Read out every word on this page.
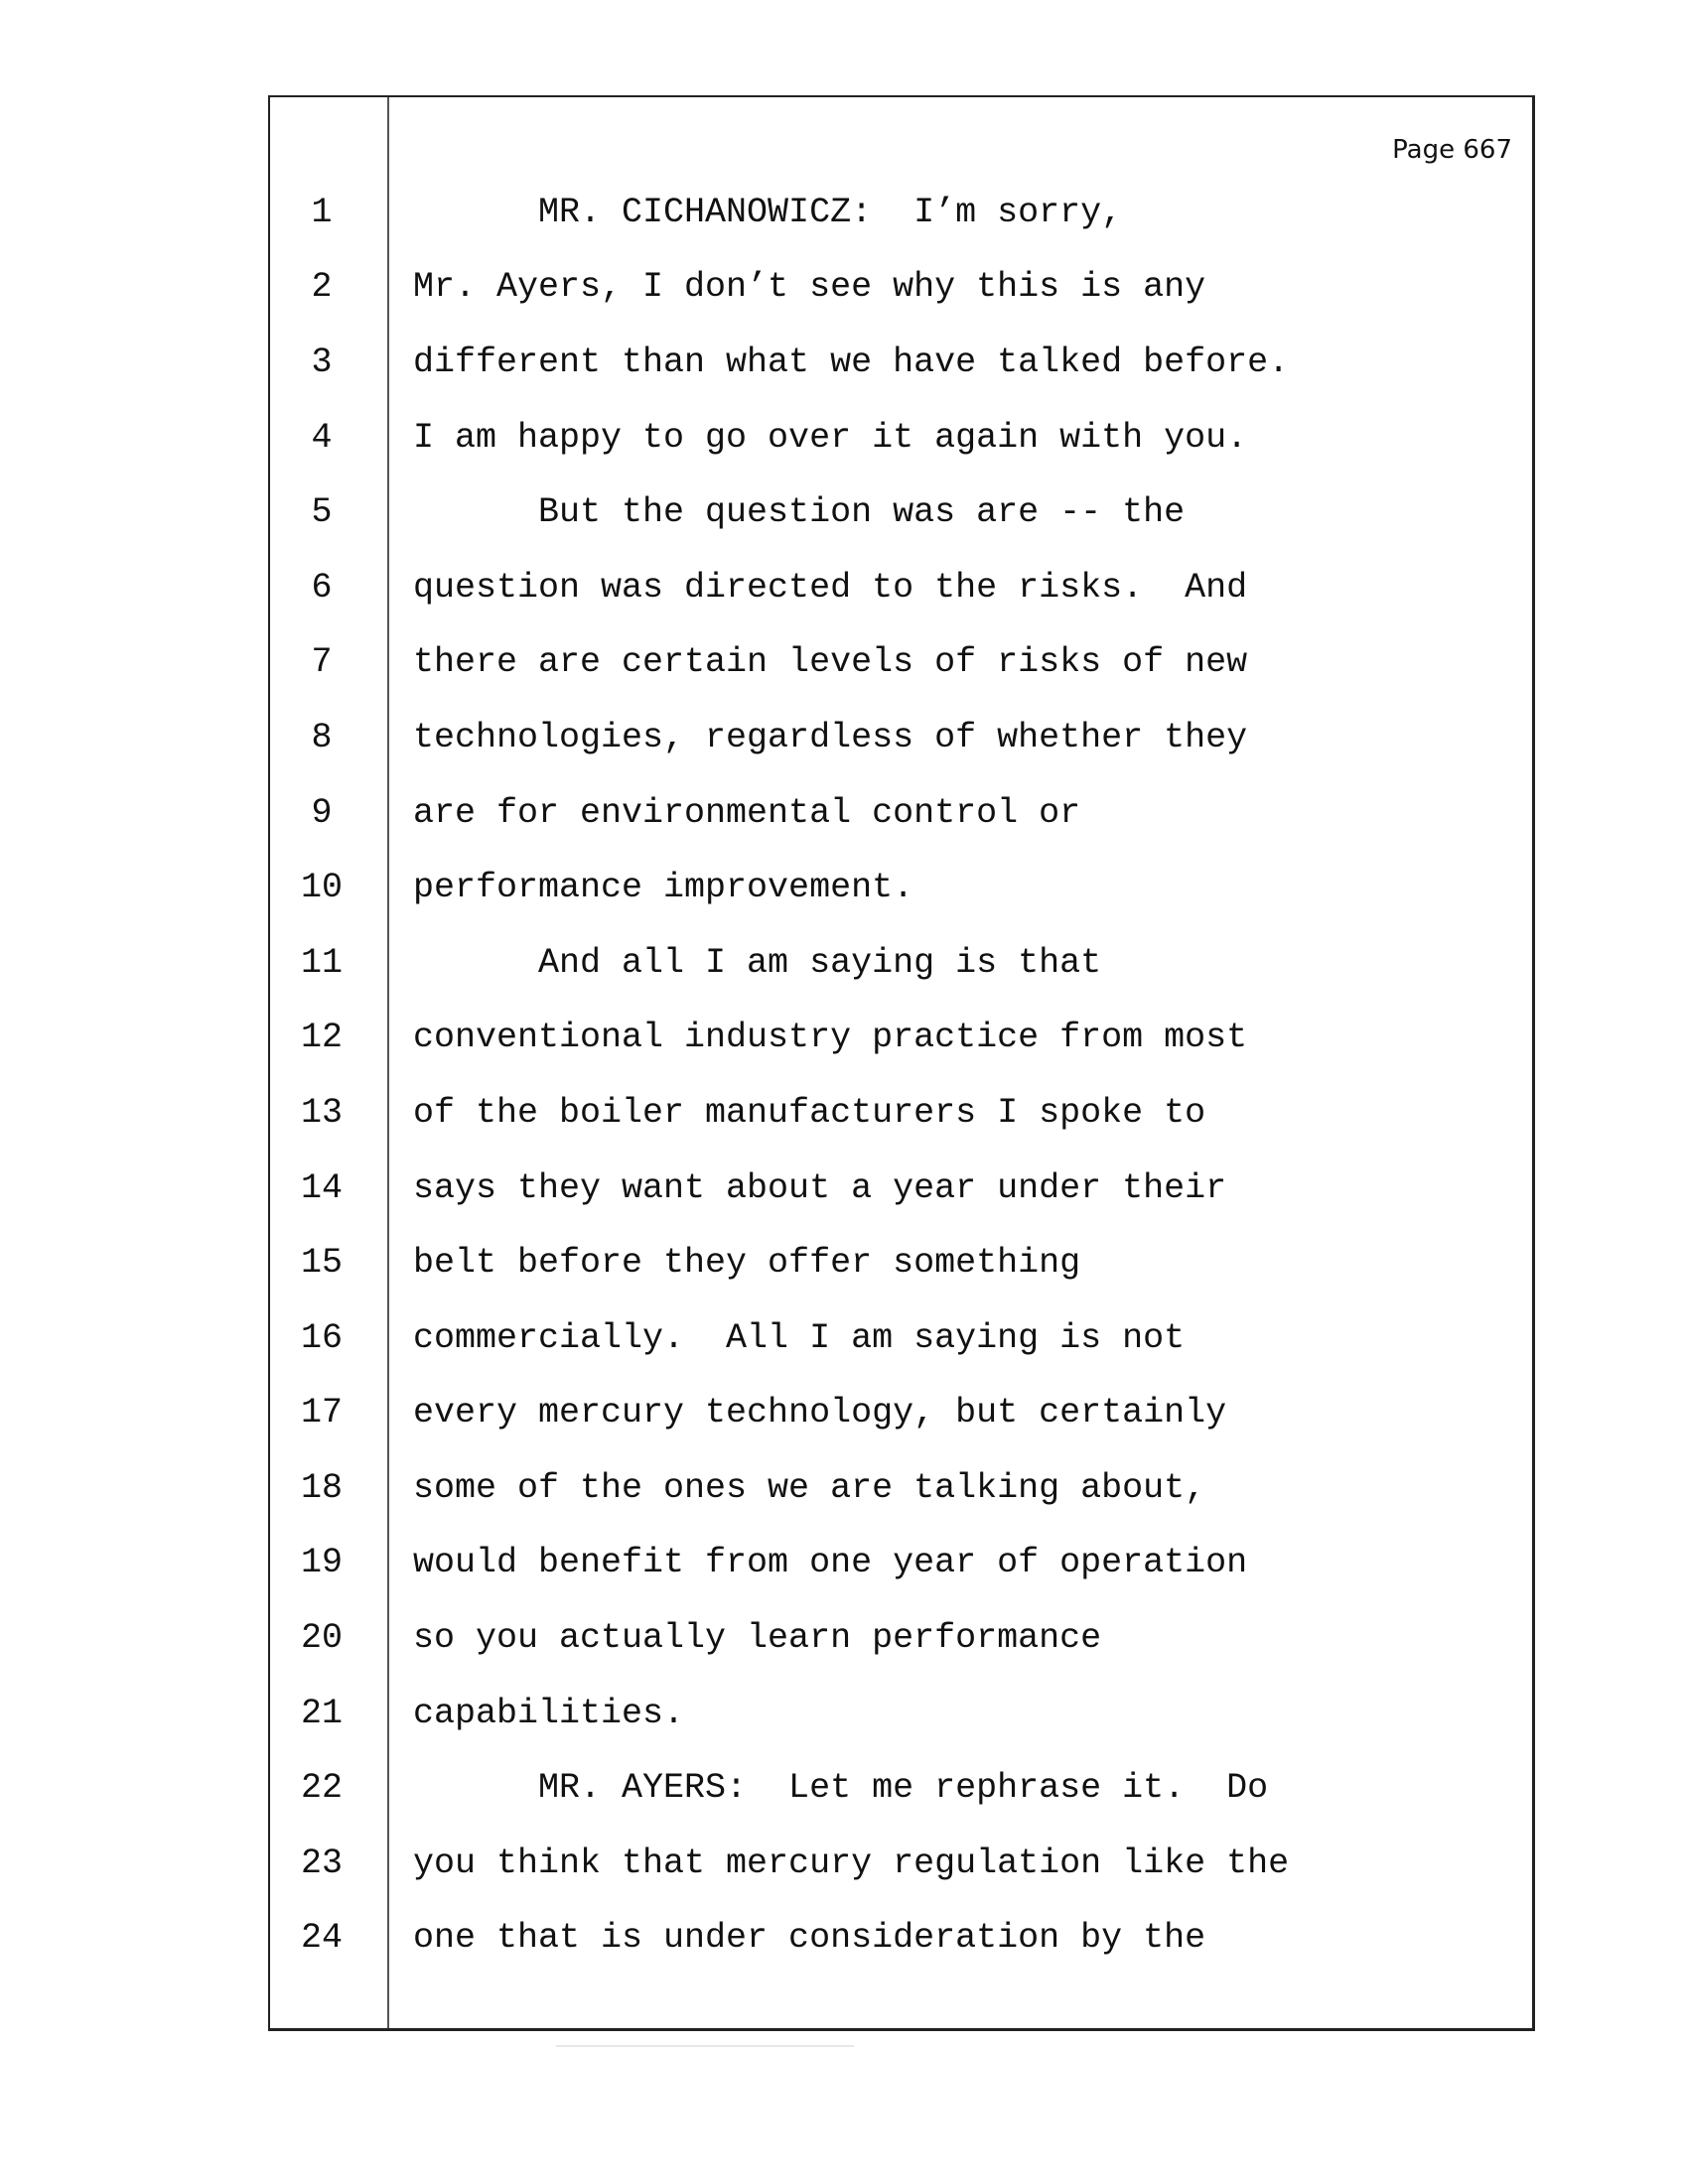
Page 667
1	MR. CICHANOWICZ:  I’m sorry,
2	Mr. Ayers, I don’t see why this is any
3	different than what we have talked before.
4	I am happy to go over it again with you.
5	But the question was are -- the
6	question was directed to the risks.  And
7	there are certain levels of risks of new
8	technologies, regardless of whether they
9	are for environmental control or
10	performance improvement.
11	And all I am saying is that
12	conventional industry practice from most
13	of the boiler manufacturers I spoke to
14	says they want about a year under their
15	belt before they offer something
16	commercially.  All I am saying is not
17	every mercury technology, but certainly
18	some of the ones we are talking about,
19	would benefit from one year of operation
20	so you actually learn performance
21	capabilities.
22	MR. AYERS:  Let me rephrase it.  Do
23	you think that mercury regulation like the
24	one that is under consideration by the
